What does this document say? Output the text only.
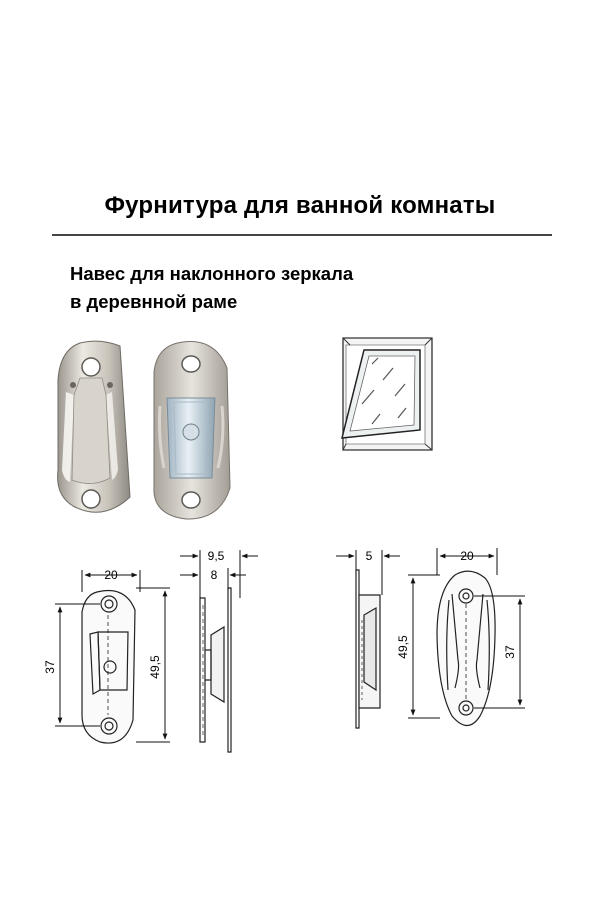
Фурнитура для ванной комнаты
Навес для наклонного зеркала
в деревнной раме
20
37	49,5
9,5
8
5	20
49,5	37
